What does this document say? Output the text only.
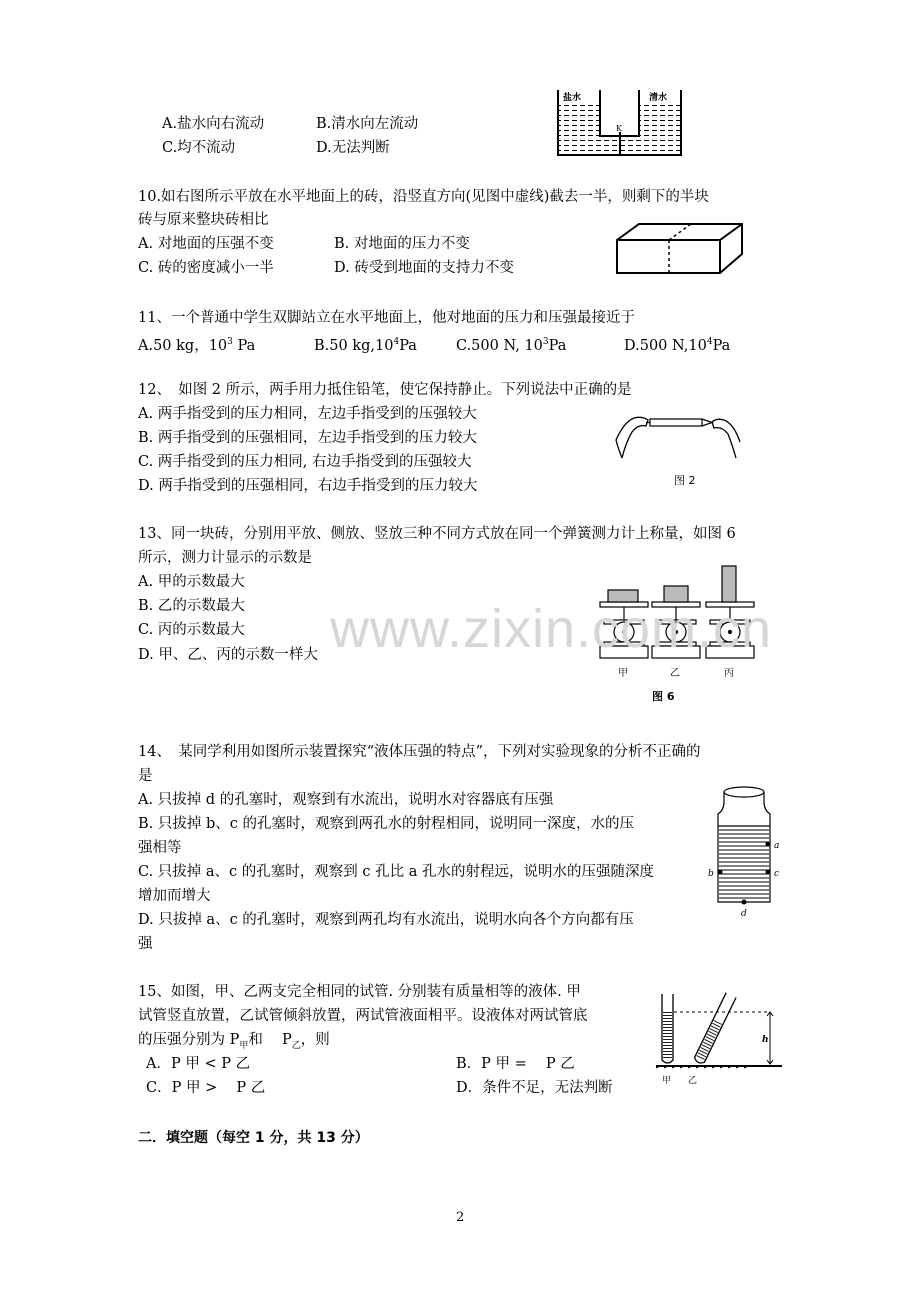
A.盐水向右流动	B.清水向左流动
C.均不流动	D.无法判断
盐水	清水
K
10.如右图所示平放在水平地面上的砖，沿竖直方向(见图中虚线)截去一半，则剩下的半块
砖与原来整块砖相比
A. 对地面的压强不变	B. 对地面的压力不变
C. 砖的密度减小一半	D. 砖受到地面的支持力不变
11、一个普通中学生双脚站立在水平地面上，他对地面的压力和压强最接近于
A.50 kg，$10^3$ Pa	B.50 $kg,10^4Pa$	C.500 N, $10^3Pa$	D.500 $N,10^4Pa$
12、　如图 2 所示，两手用力抵住铅笔，使它保持静止。下列说法中正确的是
A. 两手指受到的压力相同，左边手指受到的压强较大
B. 两手指受到的压强相同，左边手指受到的压力较大
C. 两手指受到的压力相同, 右边手指受到的压强较大
D. 两手指受到的压强相同，右边手指受到的压力较大	图 2
13、同一块砖，分别用平放、侧放、竖放三种不同方式放在同一个弹簧测力计上称量，如图 6
所示，测力计显示的示数是
A. 甲的示数最大
B. 乙的示数最大
C. 丙的示数最大
D. 甲、乙、丙的示数一样大
甲	乙	丙
图 6
www.zixin.com.cn
14、　某同学利用如图所示装置探究“液体压强的特点”，下列对实验现象的分析不正确的
是
A. 只拔掉 d 的孔塞时，观察到有水流出，说明水对容器底有压强
B. 只拔掉 b、c 的孔塞时，观察到两孔水的射程相同，说明同一深度，水的压
强相等
C. 只拔掉 a、c 的孔塞时，观察到 c 孔比 a 孔水的射程远，说明水的压强随深度
增加而增大
D. 只拔掉 a、c 的孔塞时，观察到两孔均有水流出，说明水向各个方向都有压
强
a
b	c
d
15、如图，甲、乙两支完全相同的试管. 分别装有质量相等的液体. 甲
试管竖直放置，乙试管倾斜放置，两试管液面相平。设液体对两试管底
的压强分别为 $P_甲$和　 $P_乙$，则
A．P 甲 < P 乙	B．P 甲 = 　P 乙
C．P 甲 > 　P 乙	D．条件不足，无法判断
h
甲 乙
二．填空题（每空 1 分，共 13 分）
2
